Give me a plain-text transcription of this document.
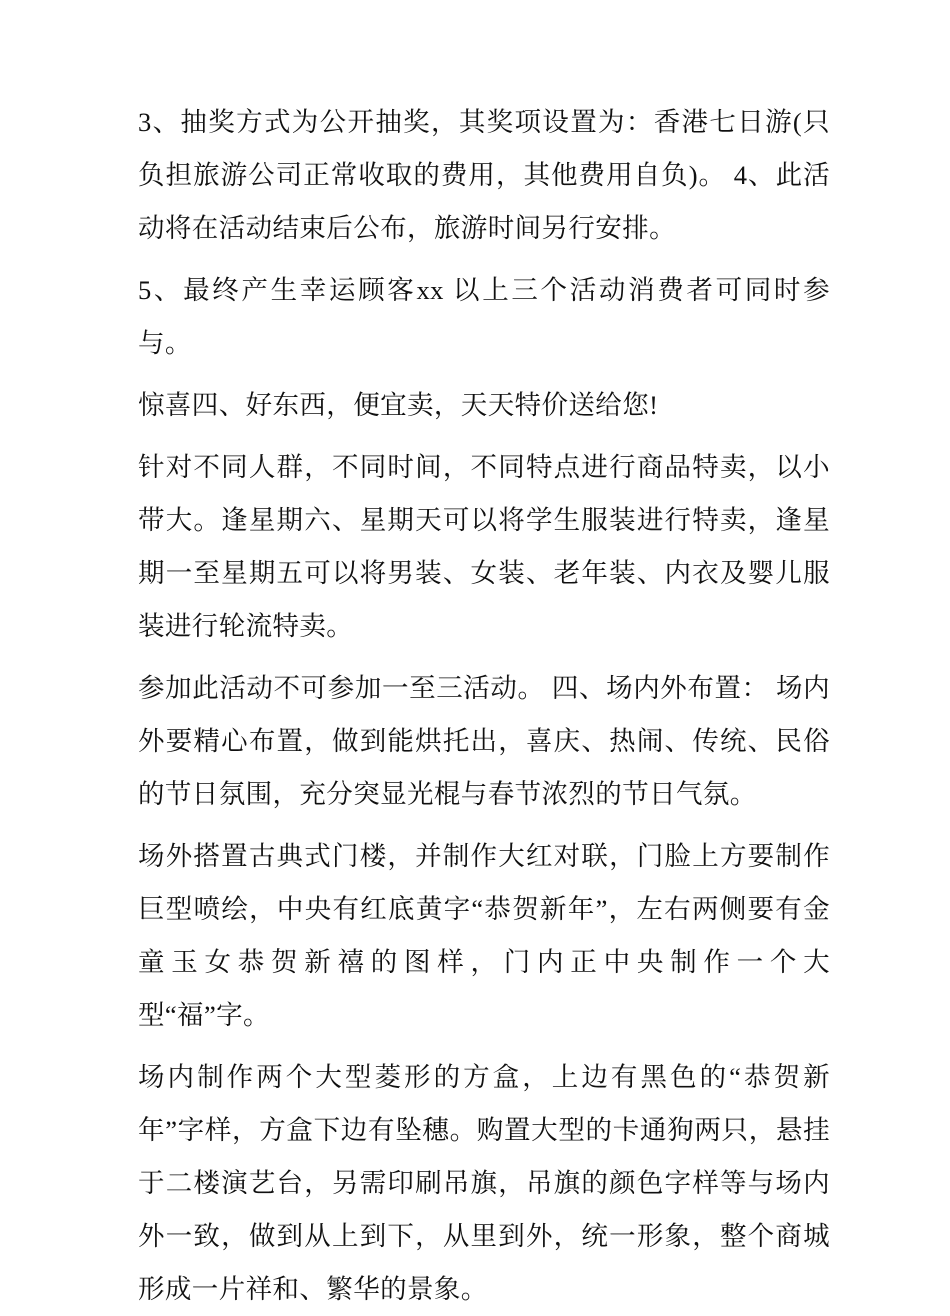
3、抽奖方式为公开抽奖，其奖项设置为：香港七日游(只负担旅游公司正常收取的费用，其他费用自负)。 4、此活动将在活动结束后公布，旅游时间另行安排。

5、最终产生幸运顾客xx 以上三个活动消费者可同时参与。

惊喜四、好东西，便宜卖，天天特价送给您!

针对不同人群，不同时间，不同特点进行商品特卖，以小带大。逢星期六、星期天可以将学生服装进行特卖，逢星期一至星期五可以将男装、女装、老年装、内衣及婴儿服装进行轮流特卖。

参加此活动不可参加一至三活动。 四、场内外布置： 场内外要精心布置，做到能烘托出，喜庆、热闹、传统、民俗的节日氛围，充分突显光棍与春节浓烈的节日气氛。

场外搭置古典式门楼，并制作大红对联，门脸上方要制作巨型喷绘，中央有红底黄字“恭贺新年”，左右两侧要有金童玉女恭贺新禧的图样，门内正中央制作一个大型“福”字。

场内制作两个大型菱形的方盒，上边有黑色的“恭贺新年”字样，方盒下边有坠穗。购置大型的卡通狗两只，悬挂于二楼演艺台，另需印刷吊旗，吊旗的颜色字样等与场内外一致，做到从上到下，从里到外，统一形象，整个商城形成一片祥和、繁华的景象。
